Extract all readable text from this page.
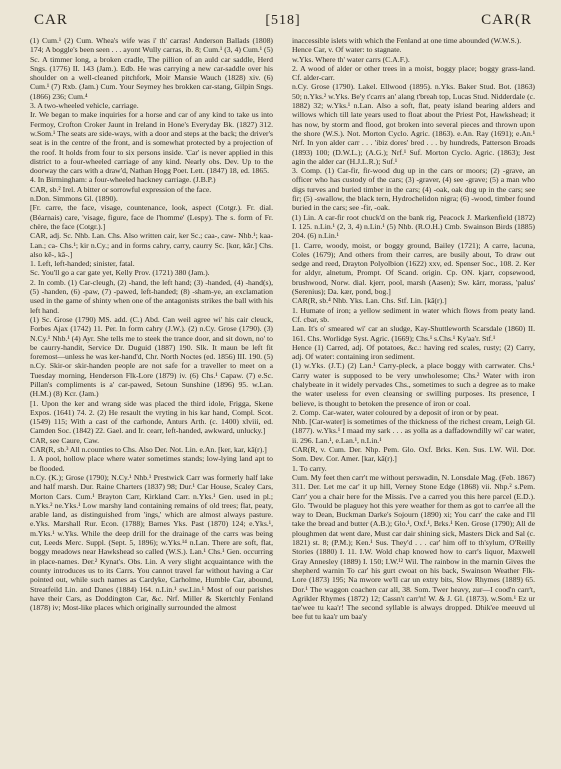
CAR	[518]	CAR(R

(1) Cum.¹ (2) Cum. Whea's wife was i' th' carras! Anderson Ballads (1808) 174; A boggle's been seen . . . ayont Wully carras, ib. 8; Cum.¹ (3, 4) Cum.¹ (5) Sc. A timmer long, a broken cradle, The pillion of an auld car saddle, Herd Sngs. (1776) II. 143 (Jam.). Edb. He was carrying a new car-saddle over his shoulder on a well-cleaned pitchfork, Moir Mansie Wauch (1828) xiv. (6) Cum.¹ (7) Rxb. (Jam.) Cum. Your Seymey hes brokken car-stang, Gilpin Sngs. (1866) 236; Cum.⁴

3. A two-wheeled vehicle, carriage.

Ir. We began to make inquiries for a horse and car of any kind to take us into Fermoy, Crofton Croker Jaunt in Ireland in Hone's Everyday Bk. (1827) 312. w.Som.¹ The seats are side-ways, with a door and steps at the back; the driver's seat is in the centre of the front, and is somewhat protected by a projection of the roof. It holds from four to six persons inside. 'Car' is never applied in this district to a four-wheeled carriage of any kind. Nearly obs. Dev. Up to the doorway the cars with a draw'd, Nathan Hogg Poet. Lett. (1847) 18, ed. 1865.

4. In Birmingham: a four-wheeled hackney carriage. (J.B.P.)

CAR, sb.² Irel. A bitter or sorrowful expression of the face.

n.Don. Simmons Gl. (1890).

[Fr. carre, the face, visage, countenance, look, aspect (Cotgr.). Fr. dial. (Béarnais) care, 'visage, figure, face de l'homme' (Lespy). The s. form of Fr. chère, the face (Cotgr.).]

CAR, adj. Sc. Nhb. Lan. Chs. Also written cair, ker Sc.; caa-, caw- Nhb.¹; kaa- Lan.; ca- Chs.¹; kir n.Cy.; and in forms cahry, carry, caurry Sc. [kɑr, kār.] Chs. also kē-, kā-.]

1. Left, left-handed; sinister, fatal.

Sc. You'll go a car gate yet, Kelly Prov. (1721) 380 (Jam.).

2. In comb. (1) Car-cleugh, (2) -hand, the left hand; (3) -handed, (4) -hand(s), (5) -handen, (6) -paw, (7) -pawed, left-handed; (8) -sham-ye, an exclamation used in the game of shinty when one of the antagonists strikes the ball with his left hand.

(1) Sc. Grose (1790) MS. add. (C.) Abd. Can weil agree wi' his cair cleuck, Forbes Ajax (1742) 11. Per. In form cahry (J.W.). (2) n.Cy. Grose (1790). (3) N.Cy.¹ Nhb.¹ (4) Ayr. She tells me to steek the trance door, and sit down, no' to be caurry-handit, Service Dr. Duguid (1887) 190. Slk. It maun be left fit foremost—unless he was ker-hand'd, Chr. North Noctes (ed. 1856) III. 190. (5) n.Cy. Skir-or skir-handen people are not safe for a traveller to meet on a Tuesday morning, Henderson Flk-Lore (1879) iv. (6) Chs.¹ Capaw. (7) e.Sc. Pillan's compliments is a' car-pawed, Setoun Sunshine (1896) 95. w.Lan. (H.M.) (8) Kcr. (Jam.)

[1. Upon the ker and wrang side was placed the third idole, Frigga, Skene Expos. (1641) 74. 2. (2) He resault the vryting in his kar hand, Compl. Scot. (1549) 115; With a cast of the carhonde, Anturs Arth. (c. 1400) xlviii, ed. Camden Soc. (1842) 22. Gael. and Ir. cearr, left-handed, awkward, unlucky.]

CAR, see Caure, Caw.

CAR(R, sb.³ All n.counties to Chs. Also Der. Not. Lin. e.An. [ker, kar, kā(r).]

1. A pool, hollow place where water sometimes stands; low-lying land apt to be flooded.

n.Cy. (K.); Grose (1790); N.Cy.¹ Nhb.¹ Prestwick Carr was formerly half lake and half marsh. Dur. Raine Charters (1837) 98; Dur.¹ Car House, Scaley Cars, Morton Cars. Cum.¹ Brayton Carr, Kirkland Carr. n.Yks.¹ Gen. used in pl.; n.Yks.² ne.Yks.¹ Low marshy land containing remains of old trees; flat, peaty, arable land, as distinguished from 'ings,' which are almost always pasture. e.Yks. Marshall Rur. Econ. (1788); Barnes Yks. Past (1870) 124; e.Yks.¹, m.Yks.¹ w.Yks. While the deep drill for the drainage of the carrs was being cut, Leeds Merc. Suppl. (Sept. 5, 1896); w.Yks.¹⁴ n.Lan. There are soft, flat, boggy meadows near Hawkshead so called (W.S.). Lan.¹ Chs.¹ Gen. occurring in place-names. Der.² Kynat's. Obs. Lin. A very slight acquaintance with the county introduces us to its Carrs. You cannot travel far without having a Car pointed out, while such names as Cardyke, Carholme, Humble Car, abound, Streatfeild Lin. and Danes (1884) 164. n.Lin.¹ sw.Lin.¹ Most of our parishes have their Cars, as Doddington Car, &c. Nrf. Miller & Skertchly Fenland (1878) iv; Most-like places which originally surrounded the almost

inaccessible islets with which the Fenland at one time abounded (W.W.S.).

Hence Car, v. Of water: to stagnate.

w.Yks. Where th' water carrs (C.A.F.).

2. A wood of alder or other trees in a moist, boggy place; boggy grass-land. Cf. alder-carr.

n.Cy. Grose (1790). Lakel. Ellwood (1895). n.Yks. Baker Stud. Bot. (1863) 50; n.Yks.² w.Yks. Be'y t'carrs an' alang t'breah top, Lucas Stud. Nidderdale (c. 1882) 32; w.Yks.¹ n.Lan. Also a soft, flat, peaty island bearing alders and willows which till late years used to float about the Priest Pot, Hawkshead; it has now, by storm and flood, got broken into several pieces and thrown upon the shore (W.S.). Not. Morton Cyclo. Agric. (1863). e.An. Ray (1691); e.An.¹ Nrf. In yon alder carr . . . 'ibiz dores' bred . . . by hundreds, Patterson Broads (1893) 100; (D.W.L.); (A.G.); Nrf.¹ Suf. Morton Cyclo. Agric. (1863); Jest agin the alder car (H.J.L.R.); Suf.¹

3. Comp. (1) Car-fir, fir-wood dug up in the cars or moors; (2) -grave, an officer who has custody of the cars; (3) -graver, (4) see -grave; (5) a man who digs turves and buried timber in the cars; (4) -oak, oak dug up in the cars; see fir; (5) -swallow, the black tern, Hydrochelidon nigra; (6) -wood, timber found buried in the cars; see -fir, -oak.

(1) Lin. A car-fir root chuck'd on the bank rig, Peacock J. Markenfield (1872) I. 125. n.Lin.¹ (2, 3, 4) n.Lin.¹ (5) Nhb. (R.O.H.) Cmb. Swainson Birds (1885) 204. (6) n.Lin.¹

[1. Carre, woody, moist, or boggy ground, Bailey (1721); A carre, lacuna, Coles (1679); And others from their carres, are busily about, To draw out sedge and reed, Drayton Polyolbion (1622) xxv, ed. Spenser Soc., 108. 2. Ker for aldyr, alnetum, Prompt. Of Scand. origin. Cp. ON. kjarr, copsewood, brushwood, Norw. dial. kjerr, pool, marsh (Aasen); Sw. kärr, morass, 'palus' (Serenius); Da. kær, pond, bog.]

CAR(R, sb.⁴ Nhb. Yks. Lan. Chs. Stf. Lin. [kā(r).]

1. Humate of iron; a yellow sediment in water which flows from peaty land. Cf. cbar, sb.

Lan. It's o' smeared wi' car an sludge, Kay-Shuttleworth Scarsdale (1860) II. 161. Chs. Worlidge Syst. Agric. (1669); Chs.¹ s.Chs.¹ Ky'aa'r. Stf.¹

Hence (1) Carred, adj. Of potatoes, &c.: having red scales, rusty; (2) Carry, adj. Of water: containing iron sediment.

(1) w.Yks. (J.T.) (2) Lan.¹ Carry-pleck, a place boggy with carrwater. Chs.¹ Carry water is supposed to be very unwholesome; Chs.² Water with iron chalybeate in it widely pervades Chs., sometimes to such a degree as to make the water useless for even cleansing or swilling purposes. Its presence, I believe, is thought to betoken the presence of iron or coal.

2. Comp. Car-water, water coloured by a deposit of iron or by peat.

Nhb. [Car-water] is sometimes of the thickness of the richest cream, Leigh Gl. (1877). w.Yks.¹ I maad my sark . . . as yolla as a daffadowndilly wi' car water, ii. 296. Lan.¹, e.Lan.¹, n.Lin.¹

CAR(R, v. Cum. Der. Nhp. Pem. Glo. Oxf. Brks. Ken. Sus. I.W. Wil. Dor. Som. Dev. Cor. Amer. [kar, kā(r).]

1. To carry.

Cum. My feet then carr't me without perswadin, N. Lonsdale Mag. (Feb. 1867) 311. Der. Let me car' it up hill, Verney Stone Edge (1868) vii. Nhp.² s.Pem. Carr' you a chair here for the Missis. I've a carred you this here parcel (E.D.). Glo. 'Twould be plaguey hot this yere weather for them as got to carr'ee all the way to Dean, Buckman Darke's Sojourn (1890) xi; You carr' the cake and I'll take the bread and butter (A.B.); Glo.¹, Oxf.¹, Brks.¹ Ken. Grose (1790); All de ploughmen dat went dare, Must car dair shining sick, Masters Dick and Sal (c. 1821) st. 8; (P.M.); Ken.¹ Sus. They'd . . . car' him off to th'sylum, O'Reilly Stories (1880) I. 11. I.W. Wold chap knowed how to carr's liquor, Maxwell Gray Annesley (1889) I. 150; I.W.¹² Wil. The rainbow in the marnin Gives the shepherd warnin To car' his gurt cwoat on his back, Swainson Weather Flk-Lore (1873) 195; Na mwore we'll car un extry bits, Slow Rhymes (1889) 65. Dor.¹ The waggon coachen car all, 38. Som. Twer heavy, zur—I cood'n carr't, Agrikler Rhymes (1872) 12; Cassn't carr'n! W. & J. Gl. (1873). w.Som.¹ Ez ur tae'wee tu kaa'r! The second syllable is always dropped. Dhik'ee meeuvd ul bee fut tu kaa'r um baa'y
